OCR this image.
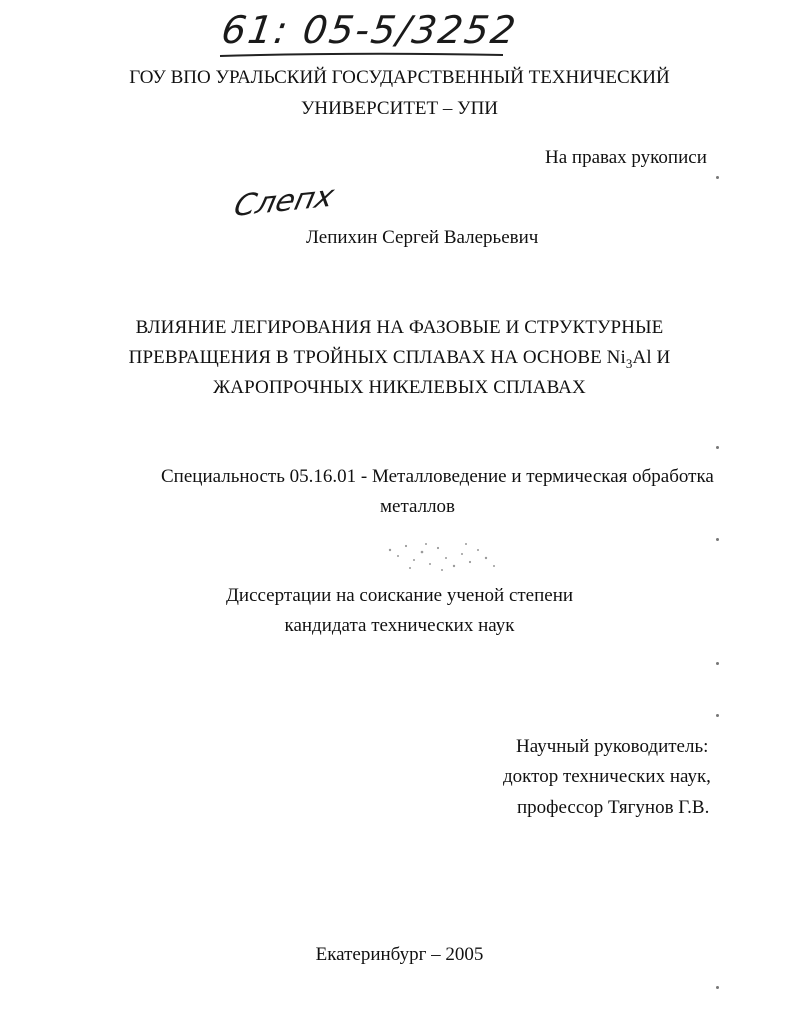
61: 05-5/3252
ГОУ ВПО УРАЛЬСКИЙ ГОСУДАРСТВЕННЫЙ ТЕХНИЧЕСКИЙ
УНИВЕРСИТЕТ – УПИ
На правах рукописи
Слепх
Лепихин Сергей Валерьевич
ВЛИЯНИЕ ЛЕГИРОВАНИЯ НА ФАЗОВЫЕ И СТРУКТУРНЫЕ
ПРЕВРАЩЕНИЯ В ТРОЙНЫХ СПЛАВАХ НА ОСНОВЕ $Ni_3Al$ И
ЖАРОПРОЧНЫХ НИКЕЛЕВЫХ СПЛАВАХ
Специальность 05.16.01 - Металловедение и термическая обработка
металлов
Диссертации на соискание ученой степени
кандидата технических наук
Научный руководитель:
доктор технических наук,
профессор Тягунов Г.В.
Екатеринбург – 2005
